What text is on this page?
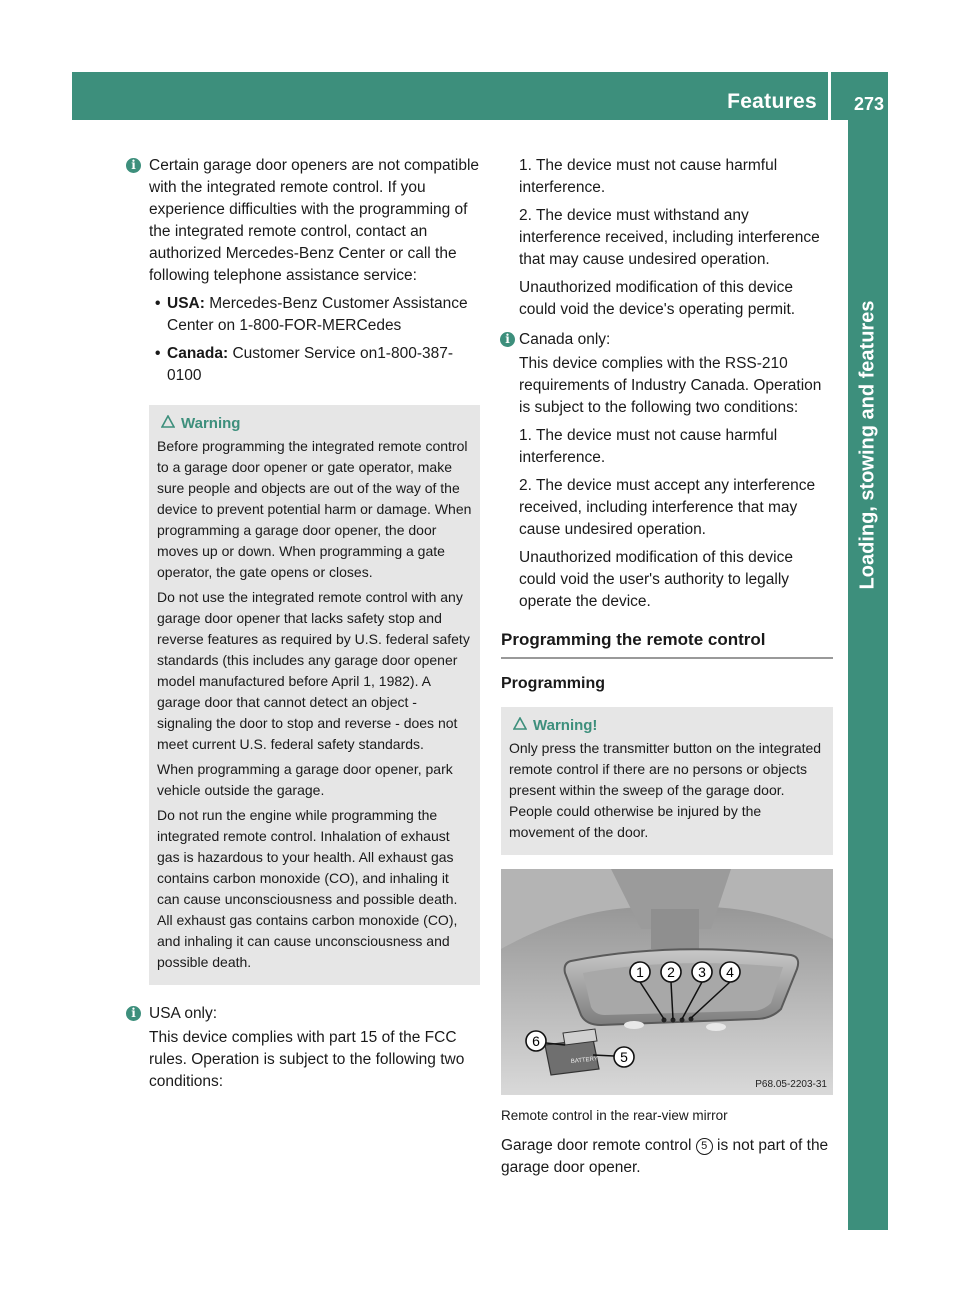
Features 273
Loading, stowing and features
i Certain garage door openers are not compatible with the integrated remote control. If you experience difficulties with the programming of the integrated remote control, contact an authorized Mercedes-Benz Center or call the following telephone assistance service:

• USA: Mercedes-Benz Customer Assistance Center on 1-800-FOR-MERCedes
• Canada: Customer Service on1-800-387-0100
Warning

Before programming the integrated remote control to a garage door opener or gate operator, make sure people and objects are out of the way of the device to prevent potential harm or damage. When programming a garage door opener, the door moves up or down. When programming a gate operator, the gate opens or closes.

Do not use the integrated remote control with any garage door opener that lacks safety stop and reverse features as required by U.S. federal safety standards (this includes any garage door opener model manufactured before April 1, 1982). A garage door that cannot detect an object - signaling the door to stop and reverse - does not meet current U.S. federal safety standards.

When programming a garage door opener, park vehicle outside the garage.

Do not run the engine while programming the integrated remote control. Inhalation of exhaust gas is hazardous to your health. All exhaust gas contains carbon monoxide (CO), and inhaling it can cause unconsciousness and possible death. All exhaust gas contains carbon monoxide (CO), and inhaling it can cause unconsciousness and possible death.

i USA only:

This device complies with part 15 of the FCC rules. Operation is subject to the following two conditions:

1. The device must not cause harmful interference.

2. The device must withstand any interference received, including interference that may cause undesired operation.

Unauthorized modification of this device could void the device's operating permit.

i Canada only:

This device complies with the RSS-210 requirements of Industry Canada. Operation is subject to the following two conditions:

1. The device must not cause harmful interference.

2. The device must accept any interference received, including interference that may cause undesired operation.

Unauthorized modification of this device could void the user's authority to legally operate the device.

Programming the remote control
Programming
Warning!

Only press the transmitter button on the integrated remote control if there are no persons or objects present within the sweep of the garage door. People could otherwise be injured by the movement of the door.

1 2 3 4
BATTERY
6
5
P68.05-2203-31
Remote control in the rear-view mirror

Garage door remote control 5 is not part of the garage door opener.
